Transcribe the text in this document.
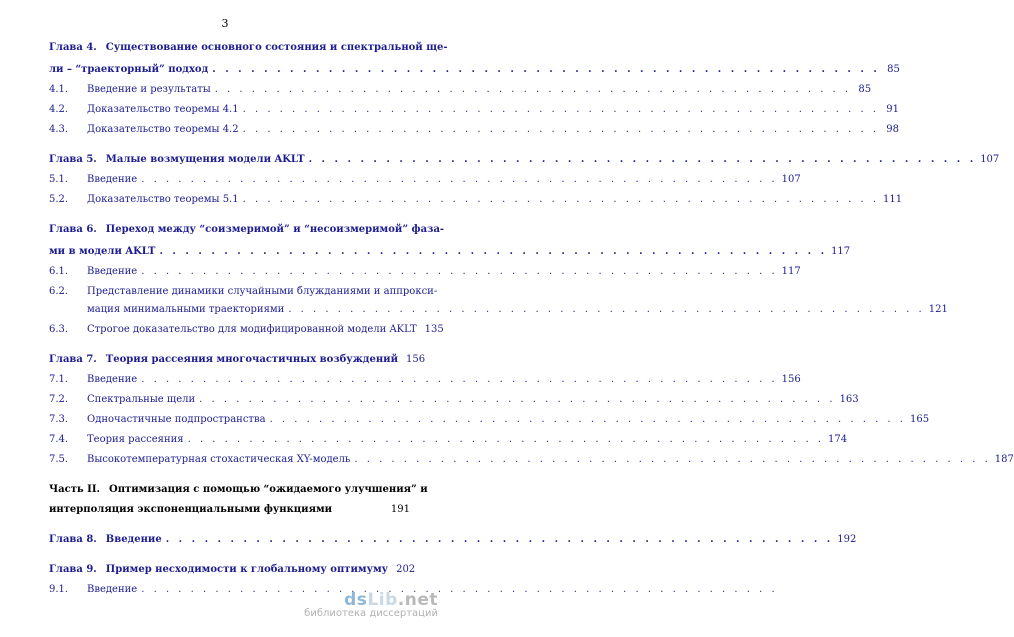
3
Глава 4. Существование основного состояния и спектральной ще-
ли – “траекторный” подход . . . . . . . . . . . . . . . . . . . . . . . . . . . . . . . . . . . . . . . . . . . . . . . . . . . . 85
4.1.	Введение и результаты . . . . . . . . . . . . . . . . . . . . . . . . . . . . . . . . . . . . . . . . . . . . . . . . . . . . 85
4.2.	Доказательство теоремы 4.1 . . . . . . . . . . . . . . . . . . . . . . . . . . . . . . . . . . . . . . . . . . . . . . . . . . . . 91
4.3.	Доказательство теоремы 4.2 . . . . . . . . . . . . . . . . . . . . . . . . . . . . . . . . . . . . . . . . . . . . . . . . . . . . 98
Глава 5. Малые возмущения модели AKLT . . . . . . . . . . . . . . . . . . . . . . . . . . . . . . . . . . . . . . . . . . . . . . . . . . . . 107
5.1.	Введение . . . . . . . . . . . . . . . . . . . . . . . . . . . . . . . . . . . . . . . . . . . . . . . . . . . . 107
5.2.	Доказательство теоремы 5.1 . . . . . . . . . . . . . . . . . . . . . . . . . . . . . . . . . . . . . . . . . . . . . . . . . . . . 111
Глава 6. Переход между “соизмеримой” и “несоизмеримой” фаза-
ми в модели AKLT . . . . . . . . . . . . . . . . . . . . . . . . . . . . . . . . . . . . . . . . . . . . . . . . . . . . 117
6.1.	Введение . . . . . . . . . . . . . . . . . . . . . . . . . . . . . . . . . . . . . . . . . . . . . . . . . . . . 117
6.2.	Представление динамики случайными блужданиями и аппрокси-
мация минимальными траекториями . . . . . . . . . . . . . . . . . . . . . . . . . . . . . . . . . . . . . . . . . . . . . . . . . . . . 121
6.3.	Строгое доказательство для модифицированной модели AKLT 135
Глава 7. Теория рассеяния многочастичных возбуждений 156
7.1.	Введение . . . . . . . . . . . . . . . . . . . . . . . . . . . . . . . . . . . . . . . . . . . . . . . . . . . . 156
7.2.	Спектральные щели . . . . . . . . . . . . . . . . . . . . . . . . . . . . . . . . . . . . . . . . . . . . . . . . . . . . 163
7.3.	Одночастичные подпространства . . . . . . . . . . . . . . . . . . . . . . . . . . . . . . . . . . . . . . . . . . . . . . . . . . . . 165
7.4.	Теория рассеяния . . . . . . . . . . . . . . . . . . . . . . . . . . . . . . . . . . . . . . . . . . . . . . . . . . . . 174
7.5.	Высокотемпературная стохастическая XY-модель . . . . . . . . . . . . . . . . . . . . . . . . . . . . . . . . . . . . . . . . . . . . . . . . . . . . 187
Часть II. Оптимизация с помощью “ожидаемого улучшения” и
интерполяция экспоненциальными функциями	191
Глава 8. Введение . . . . . . . . . . . . . . . . . . . . . . . . . . . . . . . . . . . . . . . . . . . . . . . . . . . . 192
Глава 9. Пример несходимости к глобальному оптимуму 202
9.1.	Введение . . . . . . . . . . . . . . . . . . . . . . . . . . . . . . . . . . . . . . . . . . . . . . . . . . . .
dsLib.net
библиотека диссертаций
